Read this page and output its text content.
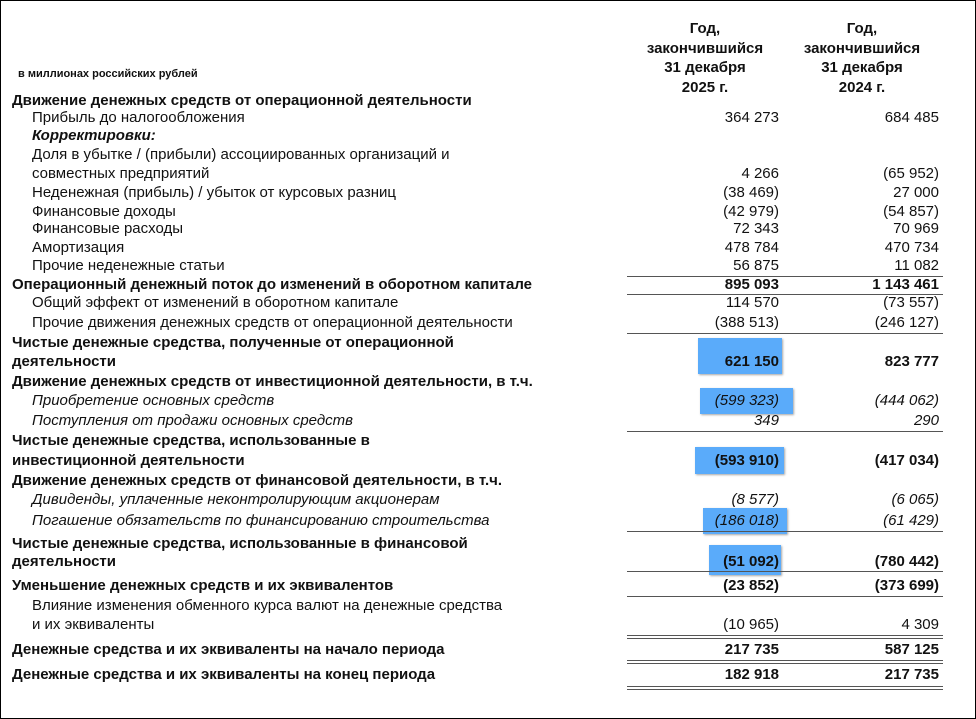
в миллионах российских рублей
Год,
закончившийся
31 декабря
2025 г.
Год,
закончившийся
31 декабря
2024 г.
Движение денежных средств от операционной деятельности
Прибыль до налогообложения	364 273	684 485
Корректировки:
Доля в убытке / (прибыли) ассоциированных организаций и
совместных предприятий	4 266	(65 952)
Неденежная (прибыль) / убыток от курсовых разниц	(38 469)	27 000
Финансовые доходы	(42 979)	(54 857)
Финансовые расходы	72 343	70 969
Амортизация	478 784	470 734
Прочие неденежные статьи	56 875	11 082
Операционный денежный поток до изменений в оборотном капитале	895 093	1 143 461
Общий эффект от изменений в оборотном капитале	114 570	(73 557)
Прочие движения денежных средств от операционной деятельности	(388 513)	(246 127)
Чистые денежные средства, полученные от операционной
деятельности	621 150	823 777
Движение денежных средств от инвестиционной деятельности, в т.ч.
Приобретение основных средств	(599 323)	(444 062)
Поступления от продажи основных средств	349	290
Чистые денежные средства, использованные в
инвестиционной деятельности	(593 910)	(417 034)
Движение денежных средств от финансовой деятельности, в т.ч.
Дивиденды, уплаченные неконтролирующим акционерам	(8 577)	(6 065)
Погашение обязательств по финансированию строительства	(186 018)	(61 429)
Чистые денежные средства, использованные в финансовой
деятельности	(51 092)	(780 442)
Уменьшение денежных средств и их эквивалентов	(23 852)	(373 699)
Влияние изменения обменного курса валют на денежные средства
и их эквиваленты	(10 965)	4 309
Денежные средства и их эквиваленты на начало периода	217 735	587 125
Денежные средства и их эквиваленты на конец периода	182 918	217 735
